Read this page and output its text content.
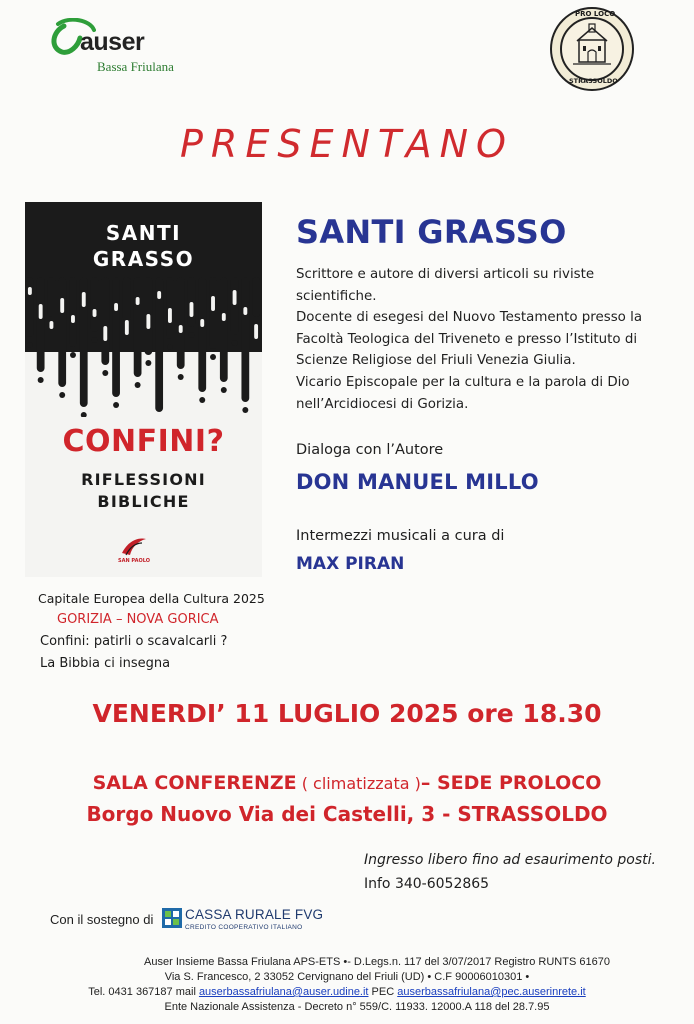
auser
Bassa Friulana
PRO LOCO
STRASSOLDO
PRESENTANO
SANTI
GRASSO
CONFINI?
RIFLESSIONI
BIBLICHE
SAN PAOLO
Capitale Europea della Cultura 2025
GORIZIA – NOVA GORICA
Confini: patirli o scavalcarli ?
La Bibbia ci insegna
SANTI GRASSO
Scrittore e autore di diversi articoli su riviste
scientifiche.
Docente di esegesi del Nuovo Testamento presso la
Facoltà Teologica del Triveneto e presso l’Istituto di
Scienze Religiose del Friuli Venezia Giulia.
Vicario Episcopale per la cultura e la parola di Dio
nell’Arcidiocesi di Gorizia.
Dialoga con l’Autore
DON MANUEL MILLO
Intermezzi musicali a cura di
MAX PIRAN
VENERDI’ 11 LUGLIO 2025 ore 18.30
SALA CONFERENZE ( climatizzata )– SEDE PROLOCO
Borgo Nuovo Via dei Castelli, 3 - STRASSOLDO
Ingresso libero fino ad esaurimento posti.
Info 340-6052865
Con il sostegno di CASSA RURALE FVG
CREDITO COOPERATIVO ITALIANO
Auser Insieme Bassa Friulana APS-ETS •- D.Legs.n. 117 del 3/07/2017 Registro RUNTS 61670
Via S. Francesco, 2 33052 Cervignano del Friuli (UD) • C.F 90006010301 •
Tel. 0431 367187 mail auserbassafriulana@auser.udine.it PEC auserbassafriulana@pec.auserinrete.it
Ente Nazionale Assistenza - Decreto n° 559/C. 11933. 12000.A 118 del 28.7.95
